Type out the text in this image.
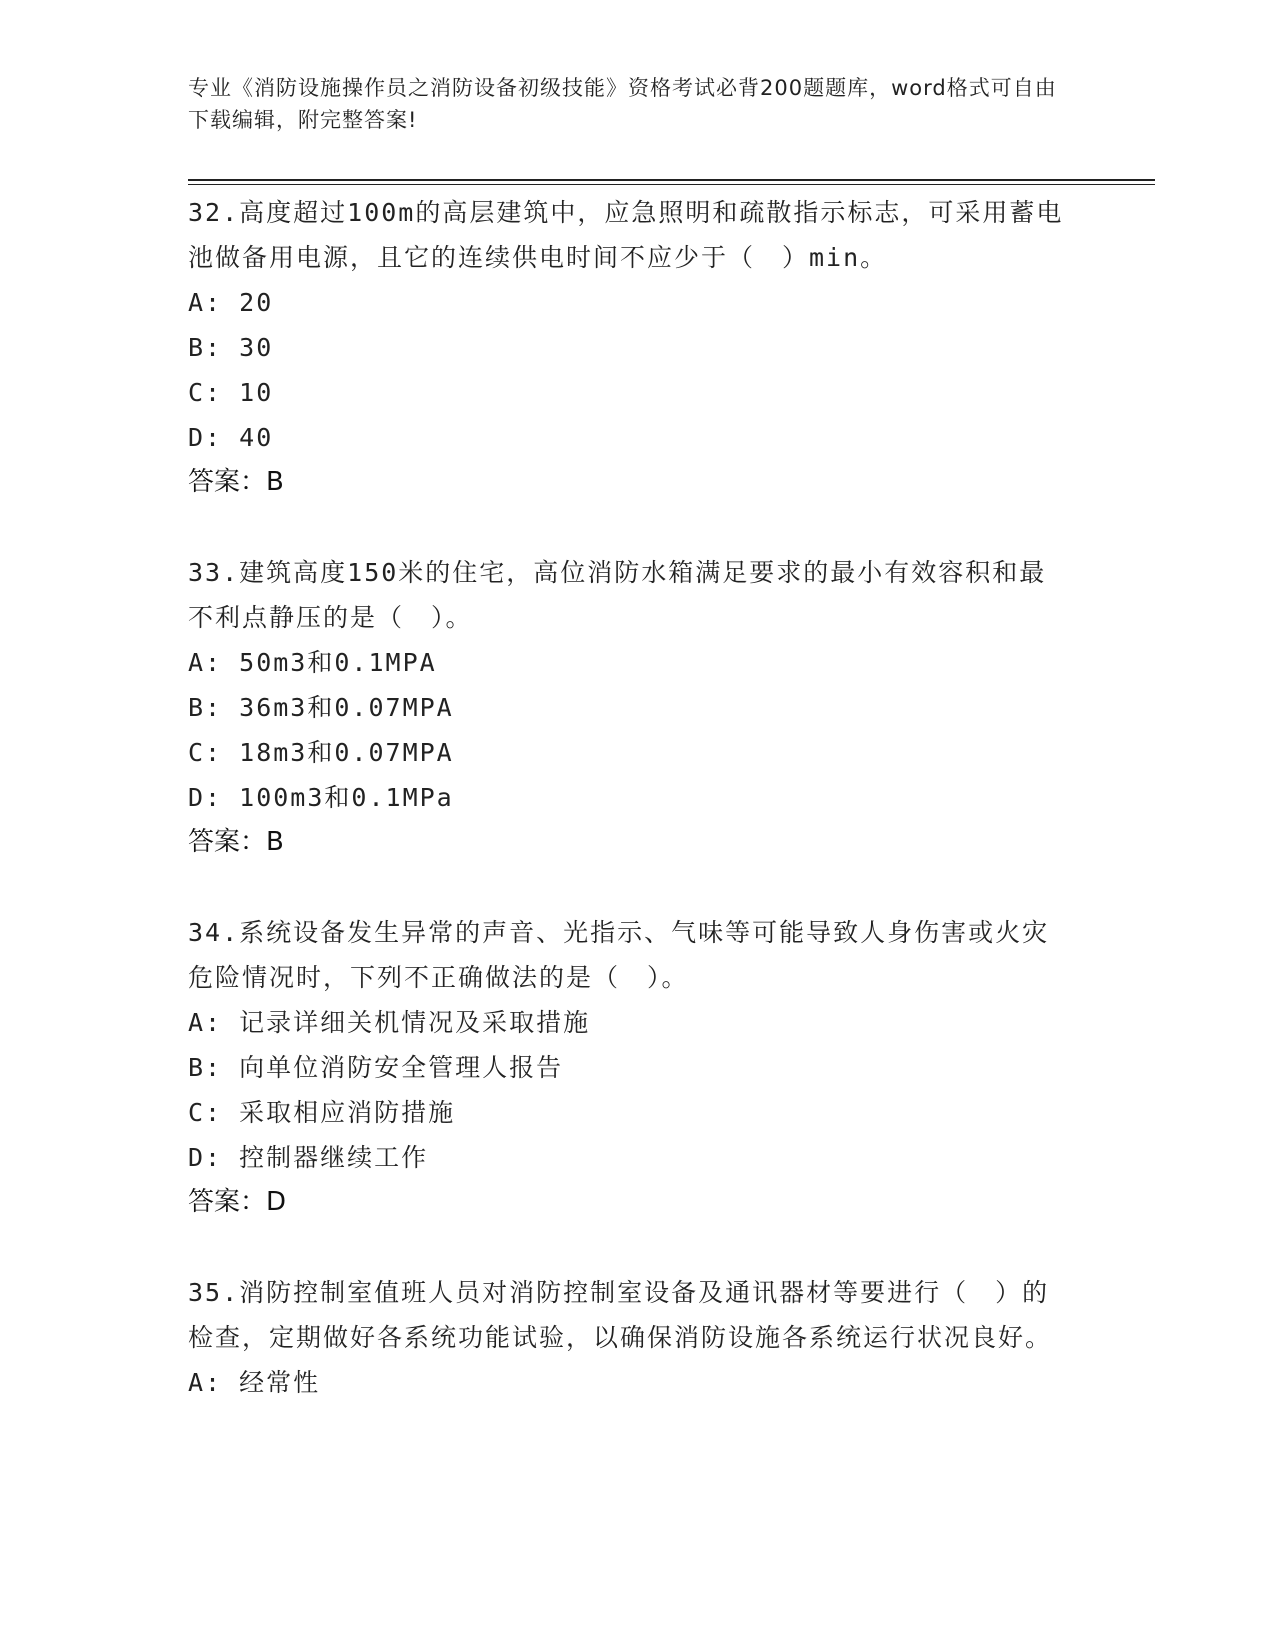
专业《消防设施操作员之消防设备初级技能》资格考试必背200题题库，word格式可自由下载编辑，附完整答案!
32.高度超过100m的高层建筑中，应急照明和疏散指示标志，可采用蓄电池做备用电源，且它的连续供电时间不应少于（　）min。
A: 20
B: 30
C: 10
D: 40
答案：B
33.建筑高度150米的住宅，高位消防水箱满足要求的最小有效容积和最不利点静压的是（　）。
A: 50m3和0.1MPA
B: 36m3和0.07MPA
C: 18m3和0.07MPA
D: 100m3和0.1MPa
答案：B
34.系统设备发生异常的声音、光指示、气味等可能导致人身伤害或火灾危险情况时，下列不正确做法的是（　）。
A: 记录详细关机情况及采取措施
B: 向单位消防安全管理人报告
C: 采取相应消防措施
D: 控制器继续工作
答案：D
35.消防控制室值班人员对消防控制室设备及通讯器材等要进行（　）的检查，定期做好各系统功能试验，以确保消防设施各系统运行状况良好。
A: 经常性
